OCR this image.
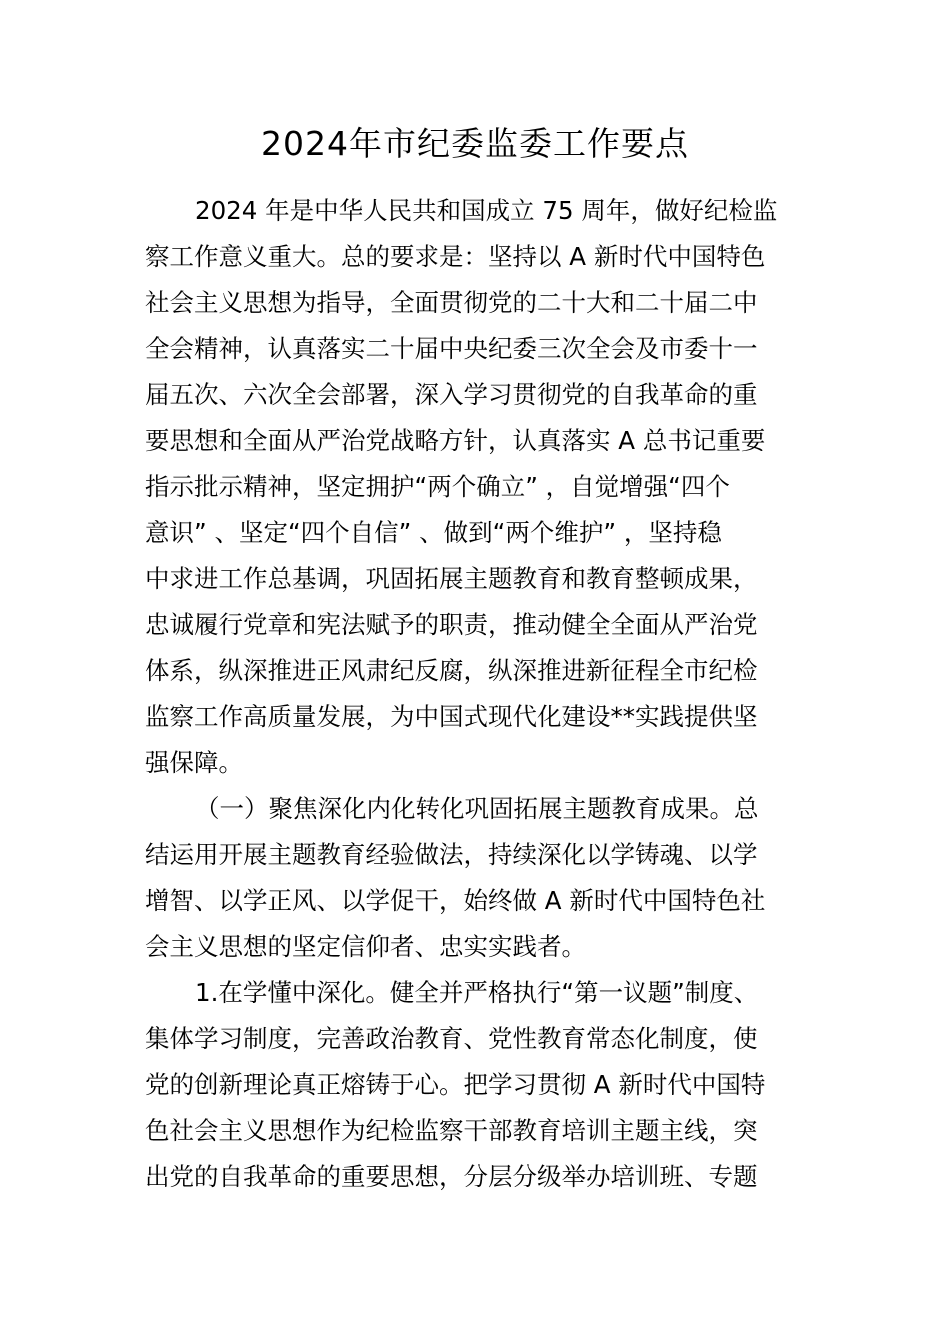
2024年市纪委监委工作要点
2024 年是中华人民共和国成立 75 周年，做好纪检监
察工作意义重大。总的要求是：坚持以 A 新时代中国特色
社会主义思想为指导，全面贯彻党的二十大和二十届二中
全会精神，认真落实二十届中央纪委三次全会及市委十一
届五次、六次全会部署，深入学习贯彻党的自我革命的重
要思想和全面从严治党战略方针，认真落实 A 总书记重要
指示批示精神，坚定拥护“两个确立” ，自觉增强“四个
意识” 、坚定“四个自信” 、做到“两个维护” ，坚持稳
中求进工作总基调，巩固拓展主题教育和教育整顿成果，
忠诚履行党章和宪法赋予的职责，推动健全全面从严治党
体系，纵深推进正风肃纪反腐，纵深推进新征程全市纪检
监察工作高质量发展，为中国式现代化建设**实践提供坚
强保障。
（一）聚焦深化内化转化巩固拓展主题教育成果。总
结运用开展主题教育经验做法，持续深化以学铸魂、以学
增智、以学正风、以学促干，始终做 A 新时代中国特色社
会主义思想的坚定信仰者、忠实实践者。
1.在学懂中深化。健全并严格执行“第一议题”制度、
集体学习制度，完善政治教育、党性教育常态化制度，使
党的创新理论真正熔铸于心。把学习贯彻 A 新时代中国特
色社会主义思想作为纪检监察干部教育培训主题主线，突
出党的自我革命的重要思想，分层分级举办培训班、专题
